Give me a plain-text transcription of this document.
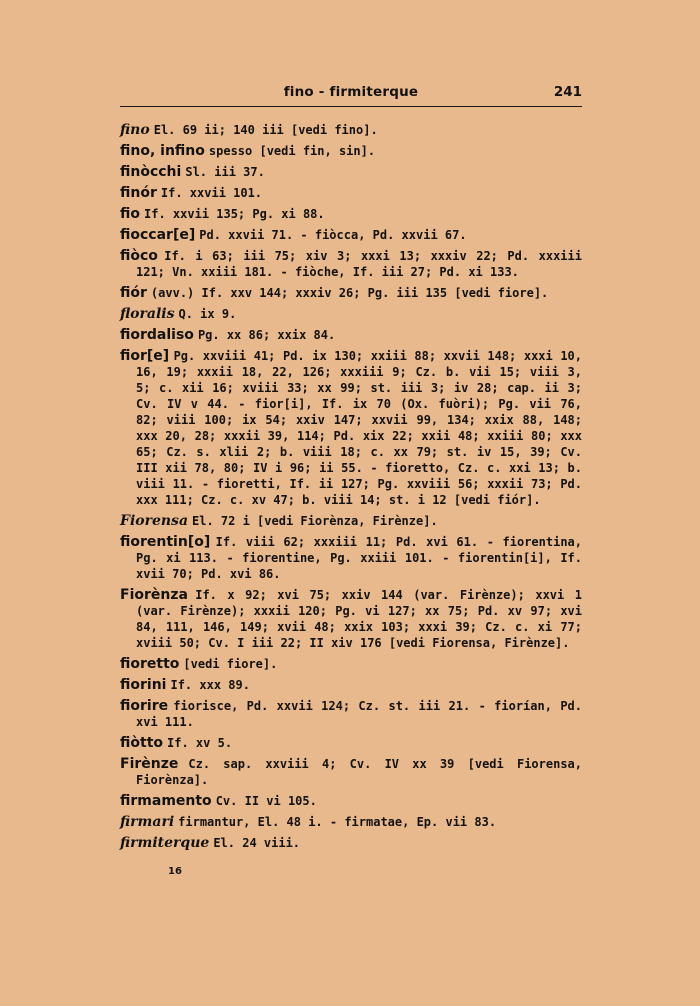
fino - firmiterque	241

fino El. 69 ii; 140 iii [vedi fino].

fino, infino spesso [vedi fin, sin].

finòcchi Sl. iii 37.

finór If. xxvii 101.

fio If. xxvii 135; Pg. xi 88.

fioccar[e] Pd. xxvii 71. - fiòcca, Pd. xxvii 67.

fiòco If. i 63; iii 75; xiv 3; xxxi 13; xxxiv 22; Pd. xxxiii 121; Vn. xxiii 181. - fiòche, If. iii 27; Pd. xi 133.

fiór (avv.) If. xxv 144; xxxiv 26; Pg. iii 135 [vedi fiore].

floralis Q. ix 9.

fiordaliso Pg. xx 86; xxix 84.

fior[e] Pg. xxviii 41; Pd. ix 130; xxiii 88; xxvii 148; xxxi 10, 16, 19; xxxii 18, 22, 126; xxxiii 9; Cz. b. vii 15; viii 3, 5; c. xii 16; xviii 33; xx 99; st. iii 3; iv 28; cap. ii 3; Cv. IV v 44. - fior[i], If. ix 70 (Ox. fuòri); Pg. vii 76, 82; viii 100; ix 54; xxiv 147; xxvii 99, 134; xxix 88, 148; xxx 20, 28; xxxii 39, 114; Pd. xix 22; xxii 48; xxiii 80; xxx 65; Cz. s. xlii 2; b. viii 18; c. xx 79; st. iv 15, 39; Cv. III xii 78, 80; IV i 96; ii 55. - fioretto, Cz. c. xxi 13; b. viii 11. - fioretti, If. ii 127; Pg. xxviii 56; xxxii 73; Pd. xxx 111; Cz. c. xv 47; b. viii 14; st. i 12 [vedi fiór].

Fiorensa El. 72 i [vedi Fiorènza, Firènze].

fiorentin[o] If. viii 62; xxxiii 11; Pd. xvi 61. - fiorentina, Pg. xi 113. - fiorentine, Pg. xxiii 101. - fiorentin[i], If. xvii 70; Pd. xvi 86.

Fiorènza If. x 92; xvi 75; xxiv 144 (var. Firènze); xxvi 1 (var. Firènze); xxxii 120; Pg. vi 127; xx 75; Pd. xv 97; xvi 84, 111, 146, 149; xvii 48; xxix 103; xxxi 39; Cz. c. xi 77; xviii 50; Cv. I iii 22; II xiv 176 [vedi Fiorensa, Firènze].

fioretto [vedi fiore].

fiorini If. xxx 89.

fiorire fiorisce, Pd. xxvii 124; Cz. st. iii 21. - fiorían, Pd. xvi 111.

fiòtto If. xv 5.

Firènze Cz. sap. xxviii 4; Cv. IV xx 39 [vedi Fiorensa, Fiorènza].

firmamento Cv. II vi 105.

firmari firmantur, El. 48 i. - firmatae, Ep. vii 83.

firmiterque El. 24 viii.

16
